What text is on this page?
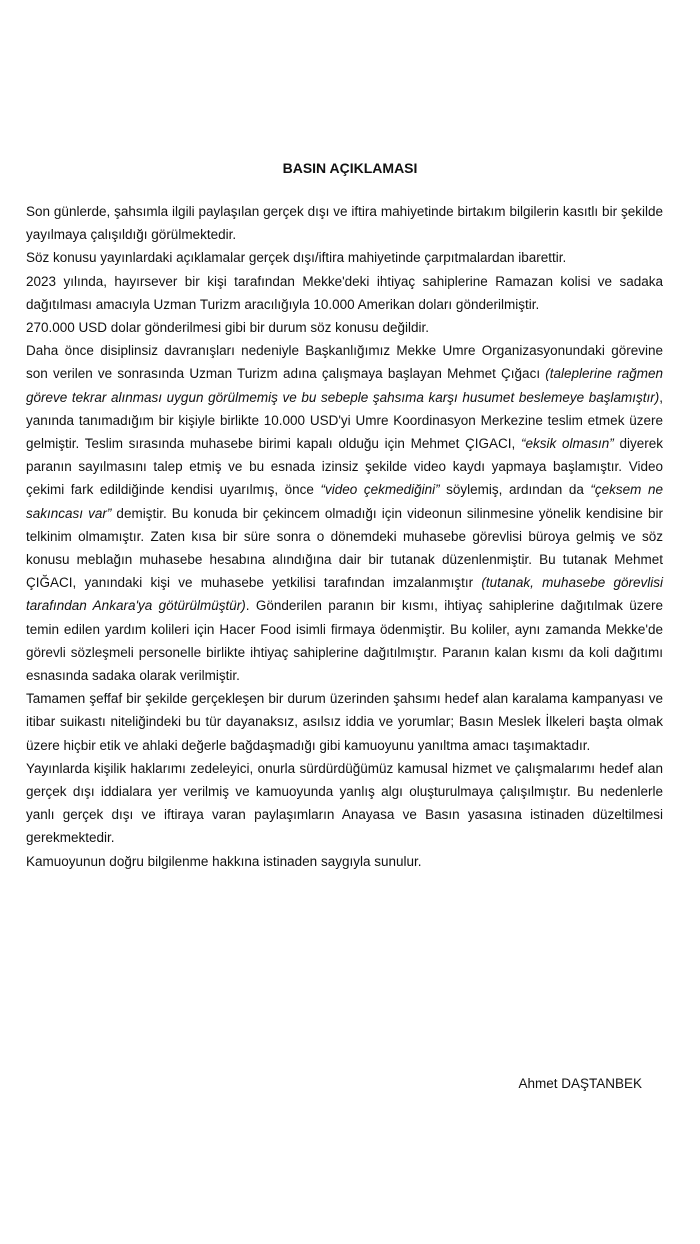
BASIN AÇIKLAMASI

Son günlerde, şahsımla ilgili paylaşılan gerçek dışı ve iftira mahiyetinde birtakım bilgilerin kasıtlı bir şekilde yayılmaya çalışıldığı görülmektedir.

Söz konusu yayınlardaki açıklamalar gerçek dışı/iftira mahiyetinde çarpıtmalardan ibarettir.

2023 yılında, hayırsever bir kişi tarafından Mekke'deki ihtiyaç sahiplerine Ramazan kolisi ve sadaka dağıtılması amacıyla Uzman Turizm aracılığıyla 10.000 Amerikan doları gönderilmiştir.

270.000 USD dolar gönderilmesi gibi bir durum söz konusu değildir.

Daha önce disiplinsiz davranışları nedeniyle Başkanlığımız Mekke Umre Organizasyonundaki görevine son verilen ve sonrasında Uzman Turizm adına çalışmaya başlayan Mehmet Çığacı (taleplerine rağmen göreve tekrar alınması uygun görülmemiş ve bu sebeple şahsıma karşı husumet beslemeye başlamıştır), yanında tanımadığım bir kişiyle birlikte 10.000 USD'yi Umre Koordinasyon Merkezine teslim etmek üzere gelmiştir. Teslim sırasında muhasebe birimi kapalı olduğu için Mehmet ÇIGACI, “eksik olmasın” diyerek paranın sayılmasını talep etmiş ve bu esnada izinsiz şekilde video kaydı yapmaya başlamıştır. Video çekimi fark edildiğinde kendisi uyarılmış, önce “video çekmediğini” söylemiş, ardından da “çeksem ne sakıncası var” demiştir. Bu konuda bir çekincem olmadığı için videonun silinmesine yönelik kendisine bir telkinim olmamıştır. Zaten kısa bir süre sonra o dönemdeki muhasebe görevlisi büroya gelmiş ve söz konusu meblağın muhasebe hesabına alındığına dair bir tutanak düzenlenmiştir. Bu tutanak Mehmet ÇIĞACI, yanındaki kişi ve muhasebe yetkilisi tarafından imzalanmıştır (tutanak, muhasebe görevlisi tarafından Ankara'ya götürülmüştür). Gönderilen paranın bir kısmı, ihtiyaç sahiplerine dağıtılmak üzere temin edilen yardım kolileri için Hacer Food isimli firmaya ödenmiştir. Bu koliler, aynı zamanda Mekke'de görevli sözleşmeli personelle birlikte ihtiyaç sahiplerine dağıtılmıştır. Paranın kalan kısmı da koli dağıtımı esnasında sadaka olarak verilmiştir.

Tamamen şeffaf bir şekilde gerçekleşen bir durum üzerinden şahsımı hedef alan karalama kampanyası ve itibar suikastı niteliğindeki bu tür dayanaksız, asılsız iddia ve yorumlar; Basın Meslek İlkeleri başta olmak üzere hiçbir etik ve ahlaki değerle bağdaşmadığı gibi kamuoyunu yanıltma amacı taşımaktadır.

Yayınlarda kişilik haklarımı zedeleyici, onurla sürdürdüğümüz kamusal hizmet ve çalışmalarımı hedef alan gerçek dışı iddialara yer verilmiş ve kamuoyunda yanlış algı oluşturulmaya çalışılmıştır. Bu nedenlerle yanlı gerçek dışı ve iftiraya varan paylaşımların Anayasa ve Basın yasasına istinaden düzeltilmesi gerekmektedir.

Kamuoyunun doğru bilgilenme hakkına istinaden saygıyla sunulur.

Ahmet DAŞTANBEK
